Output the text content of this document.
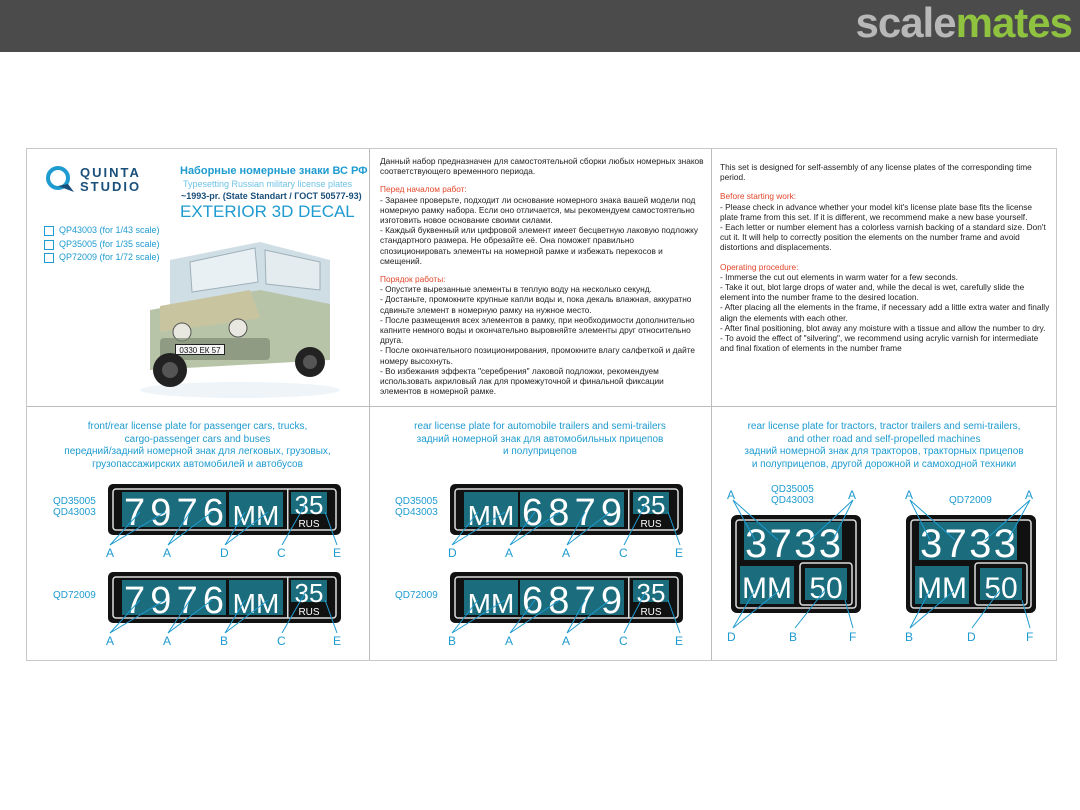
scalemates
QUINTA
STUDIO
Наборные номерные знаки ВС РФ
Typesetting Russian military license plates
~1993-pr. (State Standart / ГОСТ 50577-93)
EXTERIOR 3D DECAL
QP43003 (for 1/43 scale)
QP35005 (for 1/35 scale)
QP72009 (for 1/72 scale)
0330 ЕК 57

Данный набор предназначен для самостоятельной сборки любых номерных знаков соответствующего временного периода.

Перед началом работ:

- Заранее проверьте, подходит ли основание номерного знака вашей модели под номерную рамку набора. Если оно отличается, мы рекомендуем самостоятельно изготовить новое основание своими силами.

- Каждый буквенный или цифровой элемент имеет бесцветную лаковую подложку стандартного размера. Не обрезайте её. Она поможет правильно спозиционировать элементы на номерной рамке и избежать перекосов и смещений.

Порядок работы:

- Опустите вырезанные элементы в теплую воду на несколько секунд.

- Достаньте, промокните крупные капли воды и, пока декаль влажная, аккуратно сдвиньте элемент в номерную рамку на нужное место.

- После размещения всех элементов в рамку, при необходимости дополнительно капните немного воды и окончательно выровняйте элементы друг относительно друга.

- После окончательного позиционирования, промокните влагу салфеткой и дайте номеру высохнуть.

- Во избежания эффекта "серебрения" лаковой подложки, рекомендуем использовать акриловый лак для промежуточной и финальной фиксации элементов в номерной рамке.

This set is designed for self-assembly of any license plates of the corresponding time period.

Before starting work:

- Please check in advance whether your model kit's license plate base fits the license plate frame from this set. If it is different, we recommend make a new base yourself.

- Each letter or number element has a colorless varnish backing of a standard size. Don't cut it. It will help to correctly position the elements on the number frame and avoid distortions and displacements.

Operating procedure:

- Immerse the cut out elements in warm water for a few seconds.

- Take it out, blot large drops of water and, while the decal is wet, carefully slide the element into the number frame to the desired location.

- After placing all the elements in the frame, if necessary add a little extra water and finally align the elements with each other.

- After final positioning, blot away any moisture with a tissue and allow the number to dry.

- To avoid the effect of "silvering", we recommend using acrylic varnish for intermediate and final fixation of elements in the number frame

front/rear license plate for passenger cars, trucks,
cargo-passenger cars and buses
передний/задний номерной знак для легковых, грузовых,
грузопассажирских автомобилей и автобусов
rear license plate for automobile trailers and semi-trailers
задний номерной знак для автомобильных прицепов
и полуприцепов
rear license plate for tractors, tractor trailers and semi-trailers,
and other road and self-propelled machines
задний номерной знак для тракторов, тракторных прицепов
и полуприцепов, другой дорожной и самоходной техники
QD35005
QD43003
QD72009
QD35005
QD43003
QD72009
QD35005
QD43003	QD72009
7976 MM 35
RUS
7976 MM 35
RUS
MM 6879 35
RUS
MM 6879 35
RUS
3733
MM 50
3733
MM 50
A	A	D	C	E
A	A	B	C	E
D	A	A	C	E
B	A	A	C	E
A	A
D	B	F
A	A
B	D	F
